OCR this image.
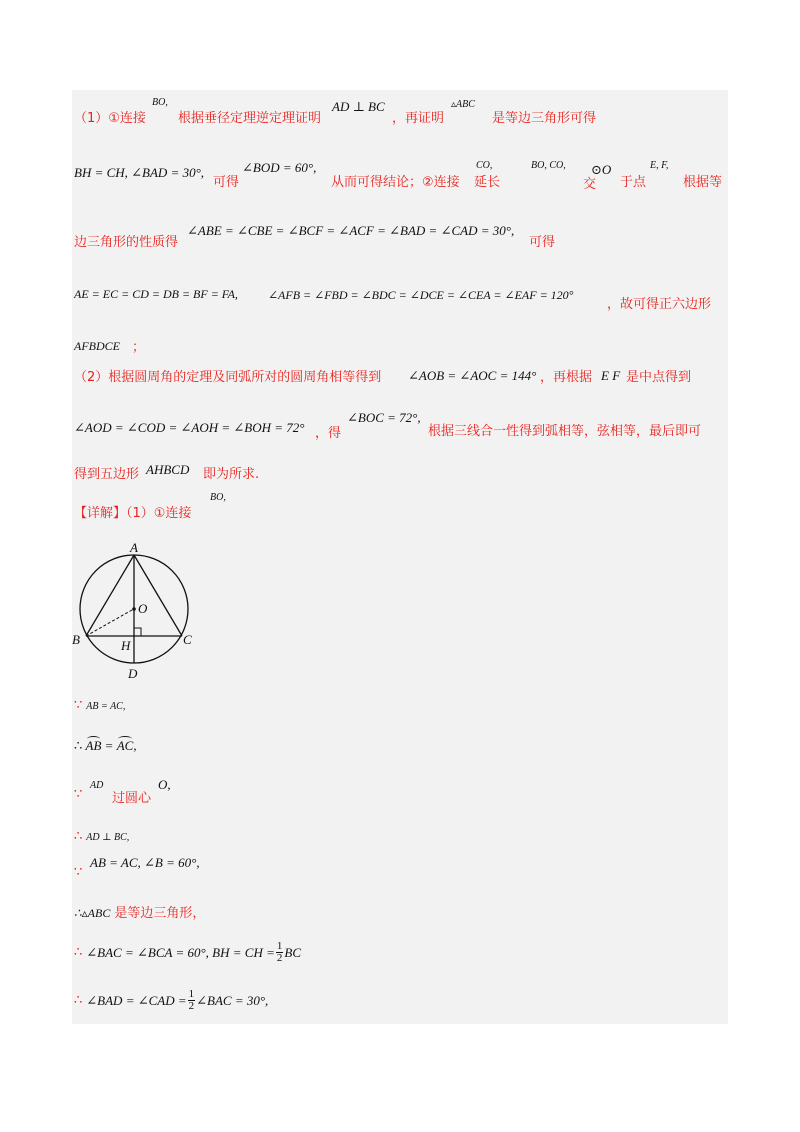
（1）①连接
BO,
根据垂径定理逆定理证明
AD ⊥ BC
，再证明
▵ABC
是等边三角形可得
BH = CH, ∠BAD = 30°,	∠BOD = 60°,
可得	从而可得结论；②连接
CO,
延长
BO, CO, ⊙O
交
E, F,
于点	根据等
边三角形的性质得
∠ABE = ∠CBE = ∠BCF = ∠ACF = ∠BAD = ∠CAD = 30°,
可得
AE = EC = CD = DB = BF = FA,	∠AFB = ∠FBD = ∠BDC = ∠DCE = ∠CEA = ∠EAF = 120°
，故可得正六边形
AFBDCE ；
（2）根据圆周角的定理及同弧所对的圆周角相等得到 ∠AOB = ∠AOC = 144° ，再根据 E F 是中点得到
∠AOD = ∠COD = ∠AOH = ∠BOH = 72° ，得
∠BOC = 72°,
根据三线合一性得到弧相等，弦相等，最后即可
得到五边形 AHBCD 即为所求.
【详解】（1）①连接
BO,
A
O
B	H	C
D
∵ AB = AC,
∴ AB = AC,
∵
AD
过圆心
O,
∴ AD ⊥ BC,
∵
AB = AC, ∠B = 60°,
∴▵ABC 是等边三角形，
∴ ∠BAC = ∠BCA = 60°, BH = CH = $\frac{1}{2}$ BC
∴ ∠BAD = ∠CAD = $\frac{1}{2}$ ∠BAC = 30°,
